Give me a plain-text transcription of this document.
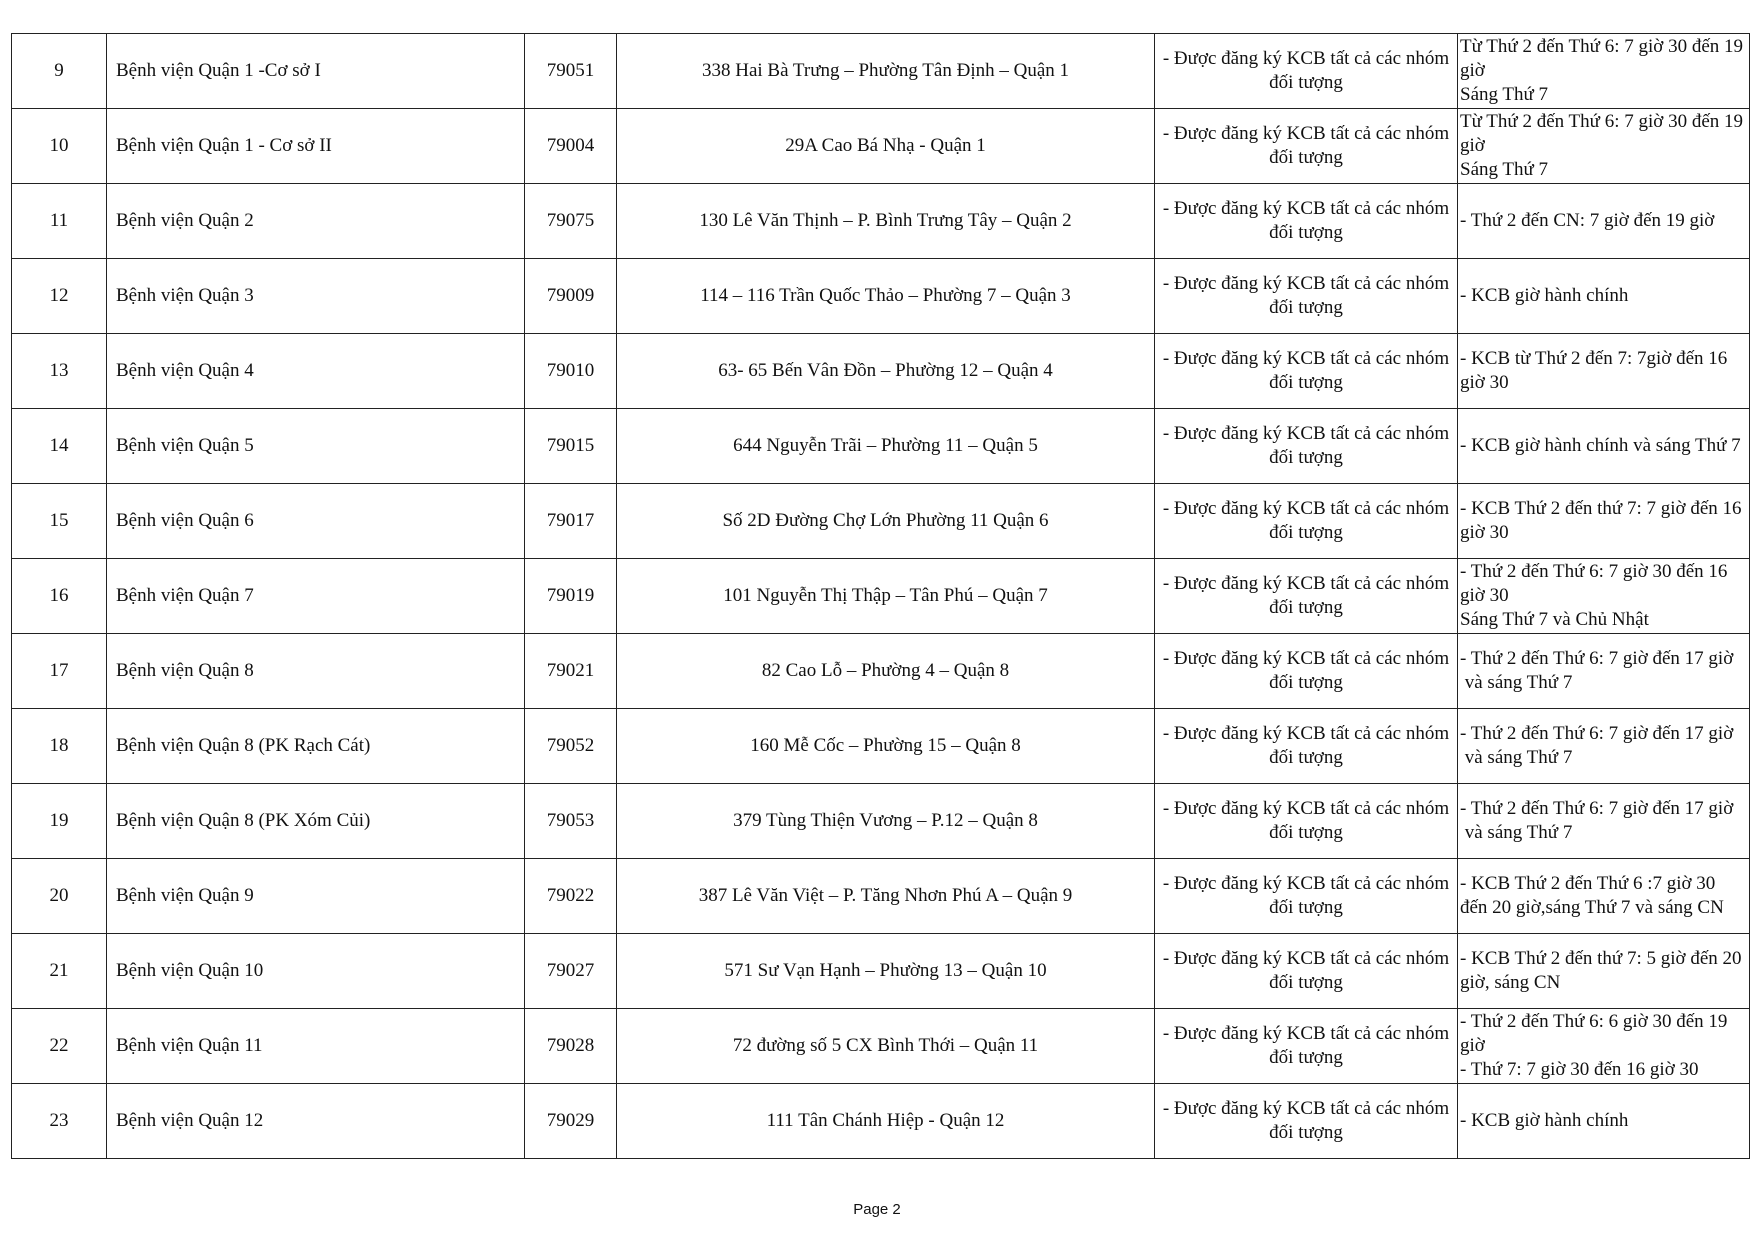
9	Bệnh viện Quận 1 -Cơ sở I	79051	338 Hai Bà Trưng – Phường Tân Định – Quận 1	- Được đăng ký KCB tất cả các nhóm đối tượng	Từ Thứ 2 đến Thứ 6: 7 giờ 30 đến 19 giờ
Sáng Thứ 7

10	Bệnh viện Quận 1 - Cơ sở II	79004	29A Cao Bá Nhạ - Quận 1	- Được đăng ký KCB tất cả các nhóm đối tượng	Từ Thứ 2 đến Thứ 6: 7 giờ 30 đến 19 giờ
Sáng Thứ 7

11	Bệnh viện Quận 2	79075	130 Lê Văn Thịnh – P. Bình Trưng Tây – Quận 2	- Được đăng ký KCB tất cả các nhóm đối tượng	- Thứ 2 đến CN: 7 giờ đến 19 giờ

12	Bệnh viện Quận 3	79009	114 – 116 Trần Quốc Thảo – Phường 7 – Quận 3	- Được đăng ký KCB tất cả các nhóm đối tượng	- KCB giờ hành chính

13	Bệnh viện Quận 4	79010	63- 65 Bến Vân Đồn – Phường 12 – Quận 4	- Được đăng ký KCB tất cả các nhóm đối tượng	- KCB từ Thứ 2 đến 7: 7giờ đến 16 giờ 30

14	Bệnh viện Quận 5	79015	644 Nguyễn Trãi – Phường 11 – Quận 5	- Được đăng ký KCB tất cả các nhóm đối tượng	- KCB giờ hành chính và sáng Thứ 7

15	Bệnh viện Quận 6	79017	Số 2D Đường Chợ Lớn Phường 11 Quận 6	- Được đăng ký KCB tất cả các nhóm đối tượng	- KCB Thứ 2 đến thứ 7: 7 giờ đến 16 giờ 30

16	Bệnh viện Quận 7	79019	101 Nguyễn Thị Thập – Tân Phú – Quận 7	- Được đăng ký KCB tất cả các nhóm đối tượng	- Thứ 2 đến Thứ 6: 7 giờ 30 đến 16 giờ 30
Sáng Thứ 7 và Chủ Nhật

17	Bệnh viện Quận 8	79021	82 Cao Lỗ – Phường 4 – Quận 8	- Được đăng ký KCB tất cả các nhóm đối tượng	- Thứ 2 đến Thứ 6: 7 giờ đến 17 giờ
và sáng Thứ 7

18	Bệnh viện Quận 8 (PK Rạch Cát)	79052	160 Mễ Cốc – Phường 15 – Quận 8	- Được đăng ký KCB tất cả các nhóm đối tượng	- Thứ 2 đến Thứ 6: 7 giờ đến 17 giờ
và sáng Thứ 7

19	Bệnh viện Quận 8 (PK Xóm Củi)	79053	379 Tùng Thiện Vương – P.12 – Quận 8	- Được đăng ký KCB tất cả các nhóm đối tượng	- Thứ 2 đến Thứ 6: 7 giờ đến 17 giờ
và sáng Thứ 7

20	Bệnh viện Quận 9	79022	387 Lê Văn Việt – P. Tăng Nhơn Phú A – Quận 9	- Được đăng ký KCB tất cả các nhóm đối tượng	- KCB Thứ 2 đến Thứ 6 :7 giờ 30 đến 20 giờ,sáng Thứ 7 và sáng CN

21	Bệnh viện Quận 10	79027	571 Sư Vạn Hạnh – Phường 13 – Quận 10	- Được đăng ký KCB tất cả các nhóm đối tượng	- KCB Thứ 2 đến thứ 7: 5 giờ đến 20 giờ, sáng CN

22	Bệnh viện Quận 11	79028	72 đường số 5 CX Bình Thới – Quận 11	- Được đăng ký KCB tất cả các nhóm đối tượng	- Thứ 2 đến Thứ 6: 6 giờ 30 đến 19 giờ
- Thứ 7: 7 giờ 30 đến 16 giờ 30

23	Bệnh viện Quận 12	79029	111 Tân Chánh Hiệp - Quận 12	- Được đăng ký KCB tất cả các nhóm đối tượng	- KCB giờ hành chính
Page 2
